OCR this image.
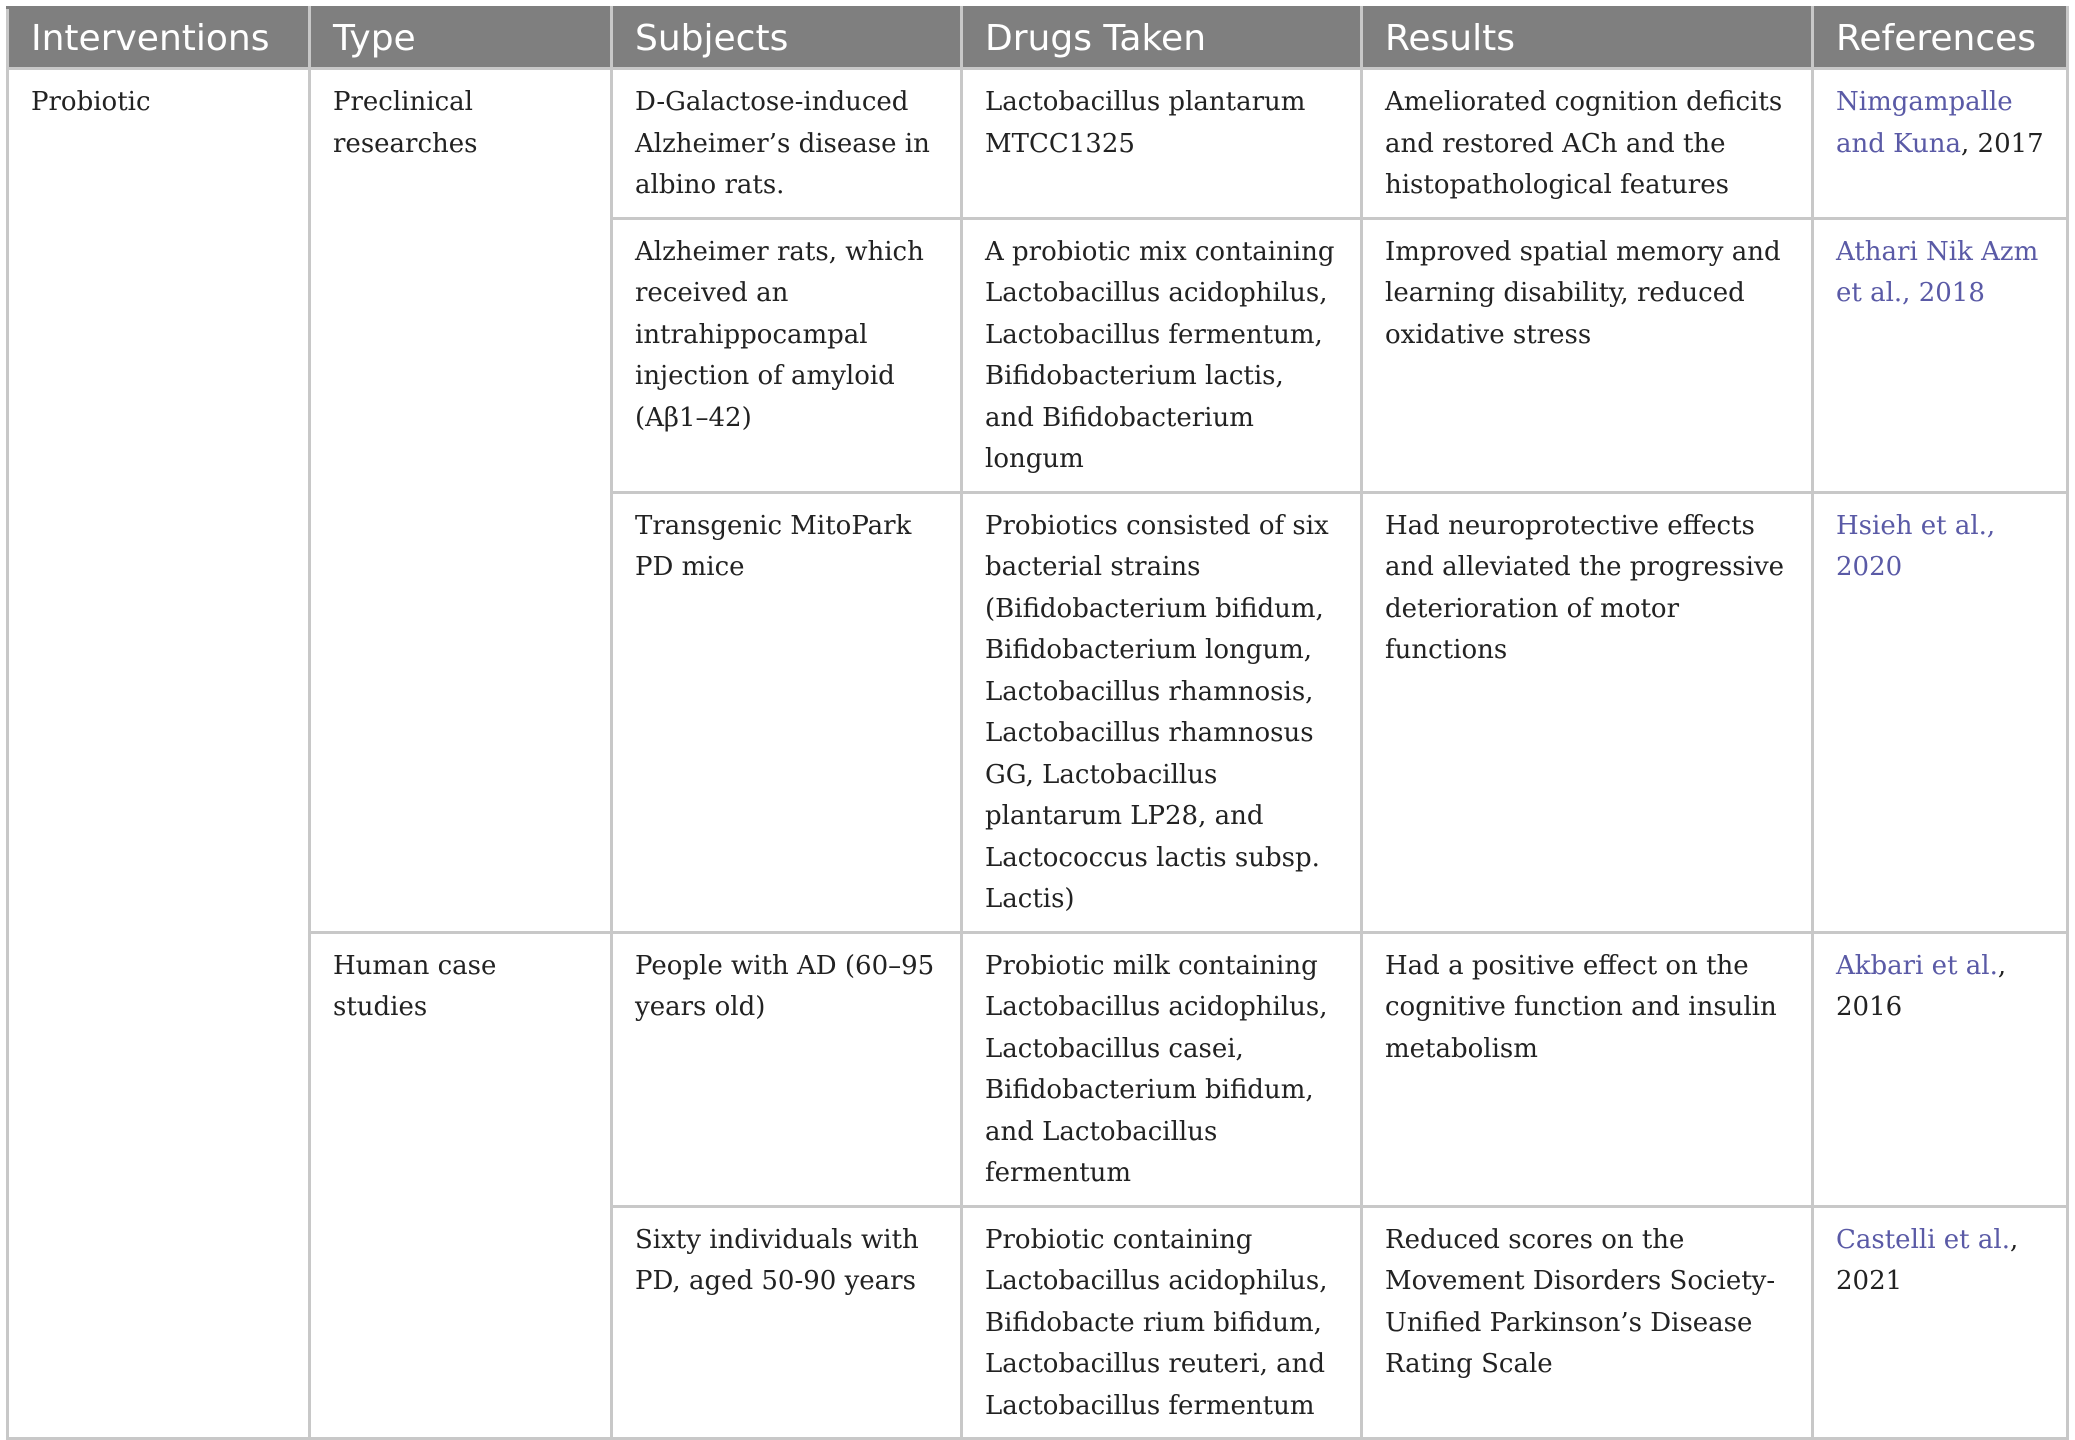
Interventions	Type	Subjects	Drugs Taken	Results	References
Probiotic	Preclinical researches	D-Galactose-induced Alzheimer’s disease in albino rats.	Lactobacillus plantarum MTCC1325	Ameliorated cognition deficits and restored ACh and the histopathological features	Nimgampalle and Kuna, 2017
		Alzheimer rats, which received an intrahippocampal injection of amyloid (Aβ1–42)	A probiotic mix containing Lactobacillus acidophilus, Lactobacillus fermentum, Bifidobacterium lactis, and Bifidobacterium longum	Improved spatial memory and learning disability, reduced oxidative stress	Athari Nik Azm et al., 2018
		Transgenic MitoPark PD mice	Probiotics consisted of six bacterial strains (Bifidobacterium bifidum, Bifidobacterium longum, Lactobacillus rhamnosis, Lactobacillus rhamnosus GG, Lactobacillus plantarum LP28, and Lactococcus lactis subsp. Lactis)	Had neuroprotective effects and alleviated the progressive deterioration of motor functions	Hsieh et al., 2020
	Human case studies	People with AD (60–95 years old)	Probiotic milk containing Lactobacillus acidophilus, Lactobacillus casei, Bifidobacterium bifidum, and Lactobacillus fermentum	Had a positive effect on the cognitive function and insulin metabolism	Akbari et al., 2016
		Sixty individuals with PD, aged 50-90 years	Probiotic containing Lactobacillus acidophilus, Bifidobacte rium bifidum, Lactobacillus reuteri, and Lactobacillus fermentum	Reduced scores on the Movement Disorders Society-Unified Parkinson’s Disease Rating Scale	Castelli et al., 2021
